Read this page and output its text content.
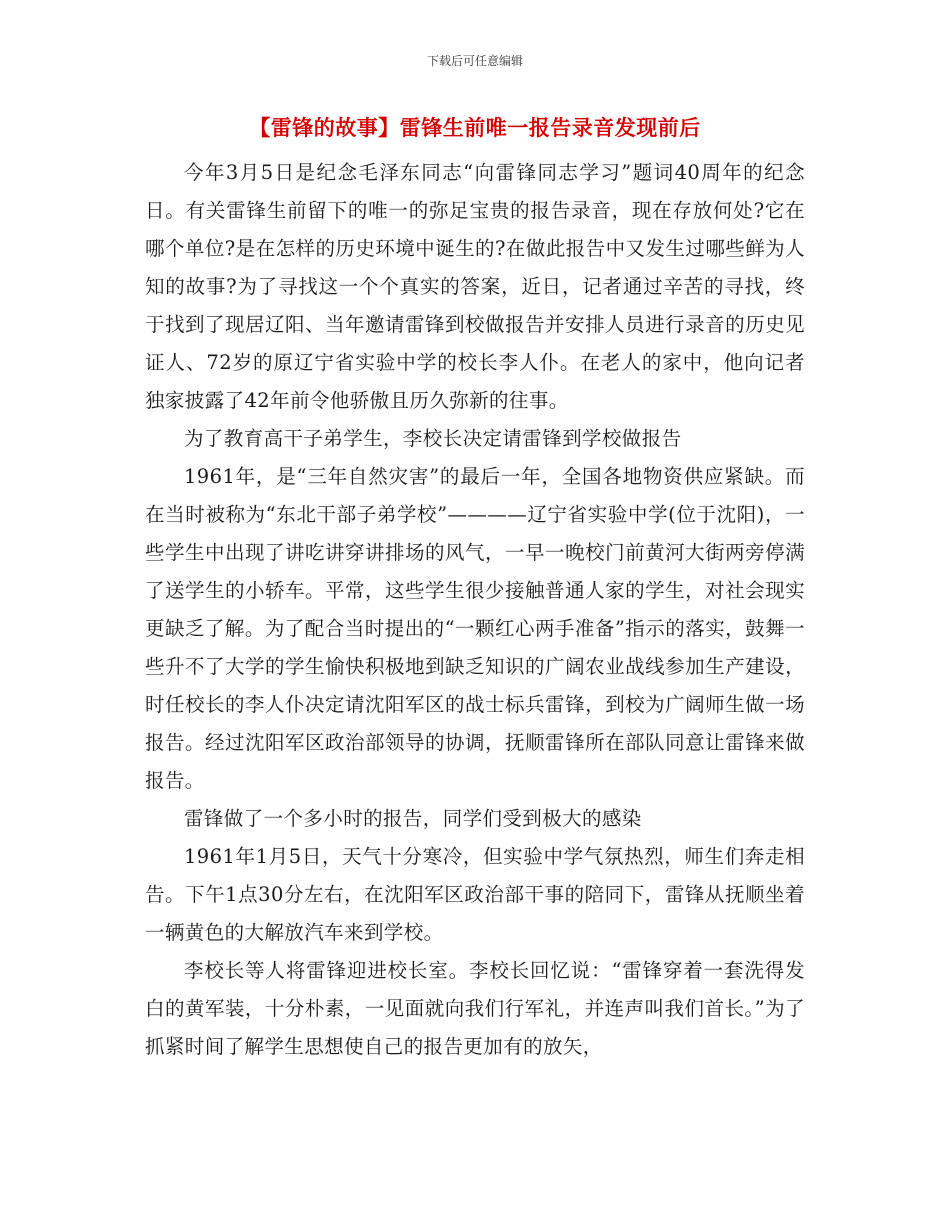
下载后可任意编辑
【雷锋的故事】雷锋生前唯一报告录音发现前后

今年3月5日是纪念毛泽东同志“向雷锋同志学习”题词40周年的纪念日。有关雷锋生前留下的唯一的弥足宝贵的报告录音，现在存放何处?它在哪个单位?是在怎样的历史环境中诞生的?在做此报告中又发生过哪些鲜为人知的故事?为了寻找这一个个真实的答案，近日，记者通过辛苦的寻找，终于找到了现居辽阳、当年邀请雷锋到校做报告并安排人员进行录音的历史见证人、72岁的原辽宁省实验中学的校长李人仆。在老人的家中，他向记者独家披露了42年前令他骄傲且历久弥新的往事。

为了教育高干子弟学生，李校长决定请雷锋到学校做报告

1961年，是“三年自然灾害”的最后一年，全国各地物资供应紧缺。而在当时被称为“东北干部子弟学校”————辽宁省实验中学(位于沈阳)，一些学生中出现了讲吃讲穿讲排场的风气，一早一晚校门前黄河大街两旁停满了送学生的小轿车。平常，这些学生很少接触普通人家的学生，对社会现实更缺乏了解。为了配合当时提出的“一颗红心两手准备”指示的落实，鼓舞一些升不了大学的学生愉快积极地到缺乏知识的广阔农业战线参加生产建设，时任校长的李人仆决定请沈阳军区的战士标兵雷锋，到校为广阔师生做一场报告。经过沈阳军区政治部领导的协调，抚顺雷锋所在部队同意让雷锋来做报告。

雷锋做了一个多小时的报告，同学们受到极大的感染

1961年1月5日，天气十分寒冷，但实验中学气氛热烈，师生们奔走相告。下午1点30分左右，在沈阳军区政治部干事的陪同下，雷锋从抚顺坐着一辆黄色的大解放汽车来到学校。

李校长等人将雷锋迎进校长室。李校长回忆说：“雷锋穿着一套洗得发白的黄军装，十分朴素，一见面就向我们行军礼，并连声叫我们首长。”为了抓紧时间了解学生思想使自己的报告更加有的放矢，
